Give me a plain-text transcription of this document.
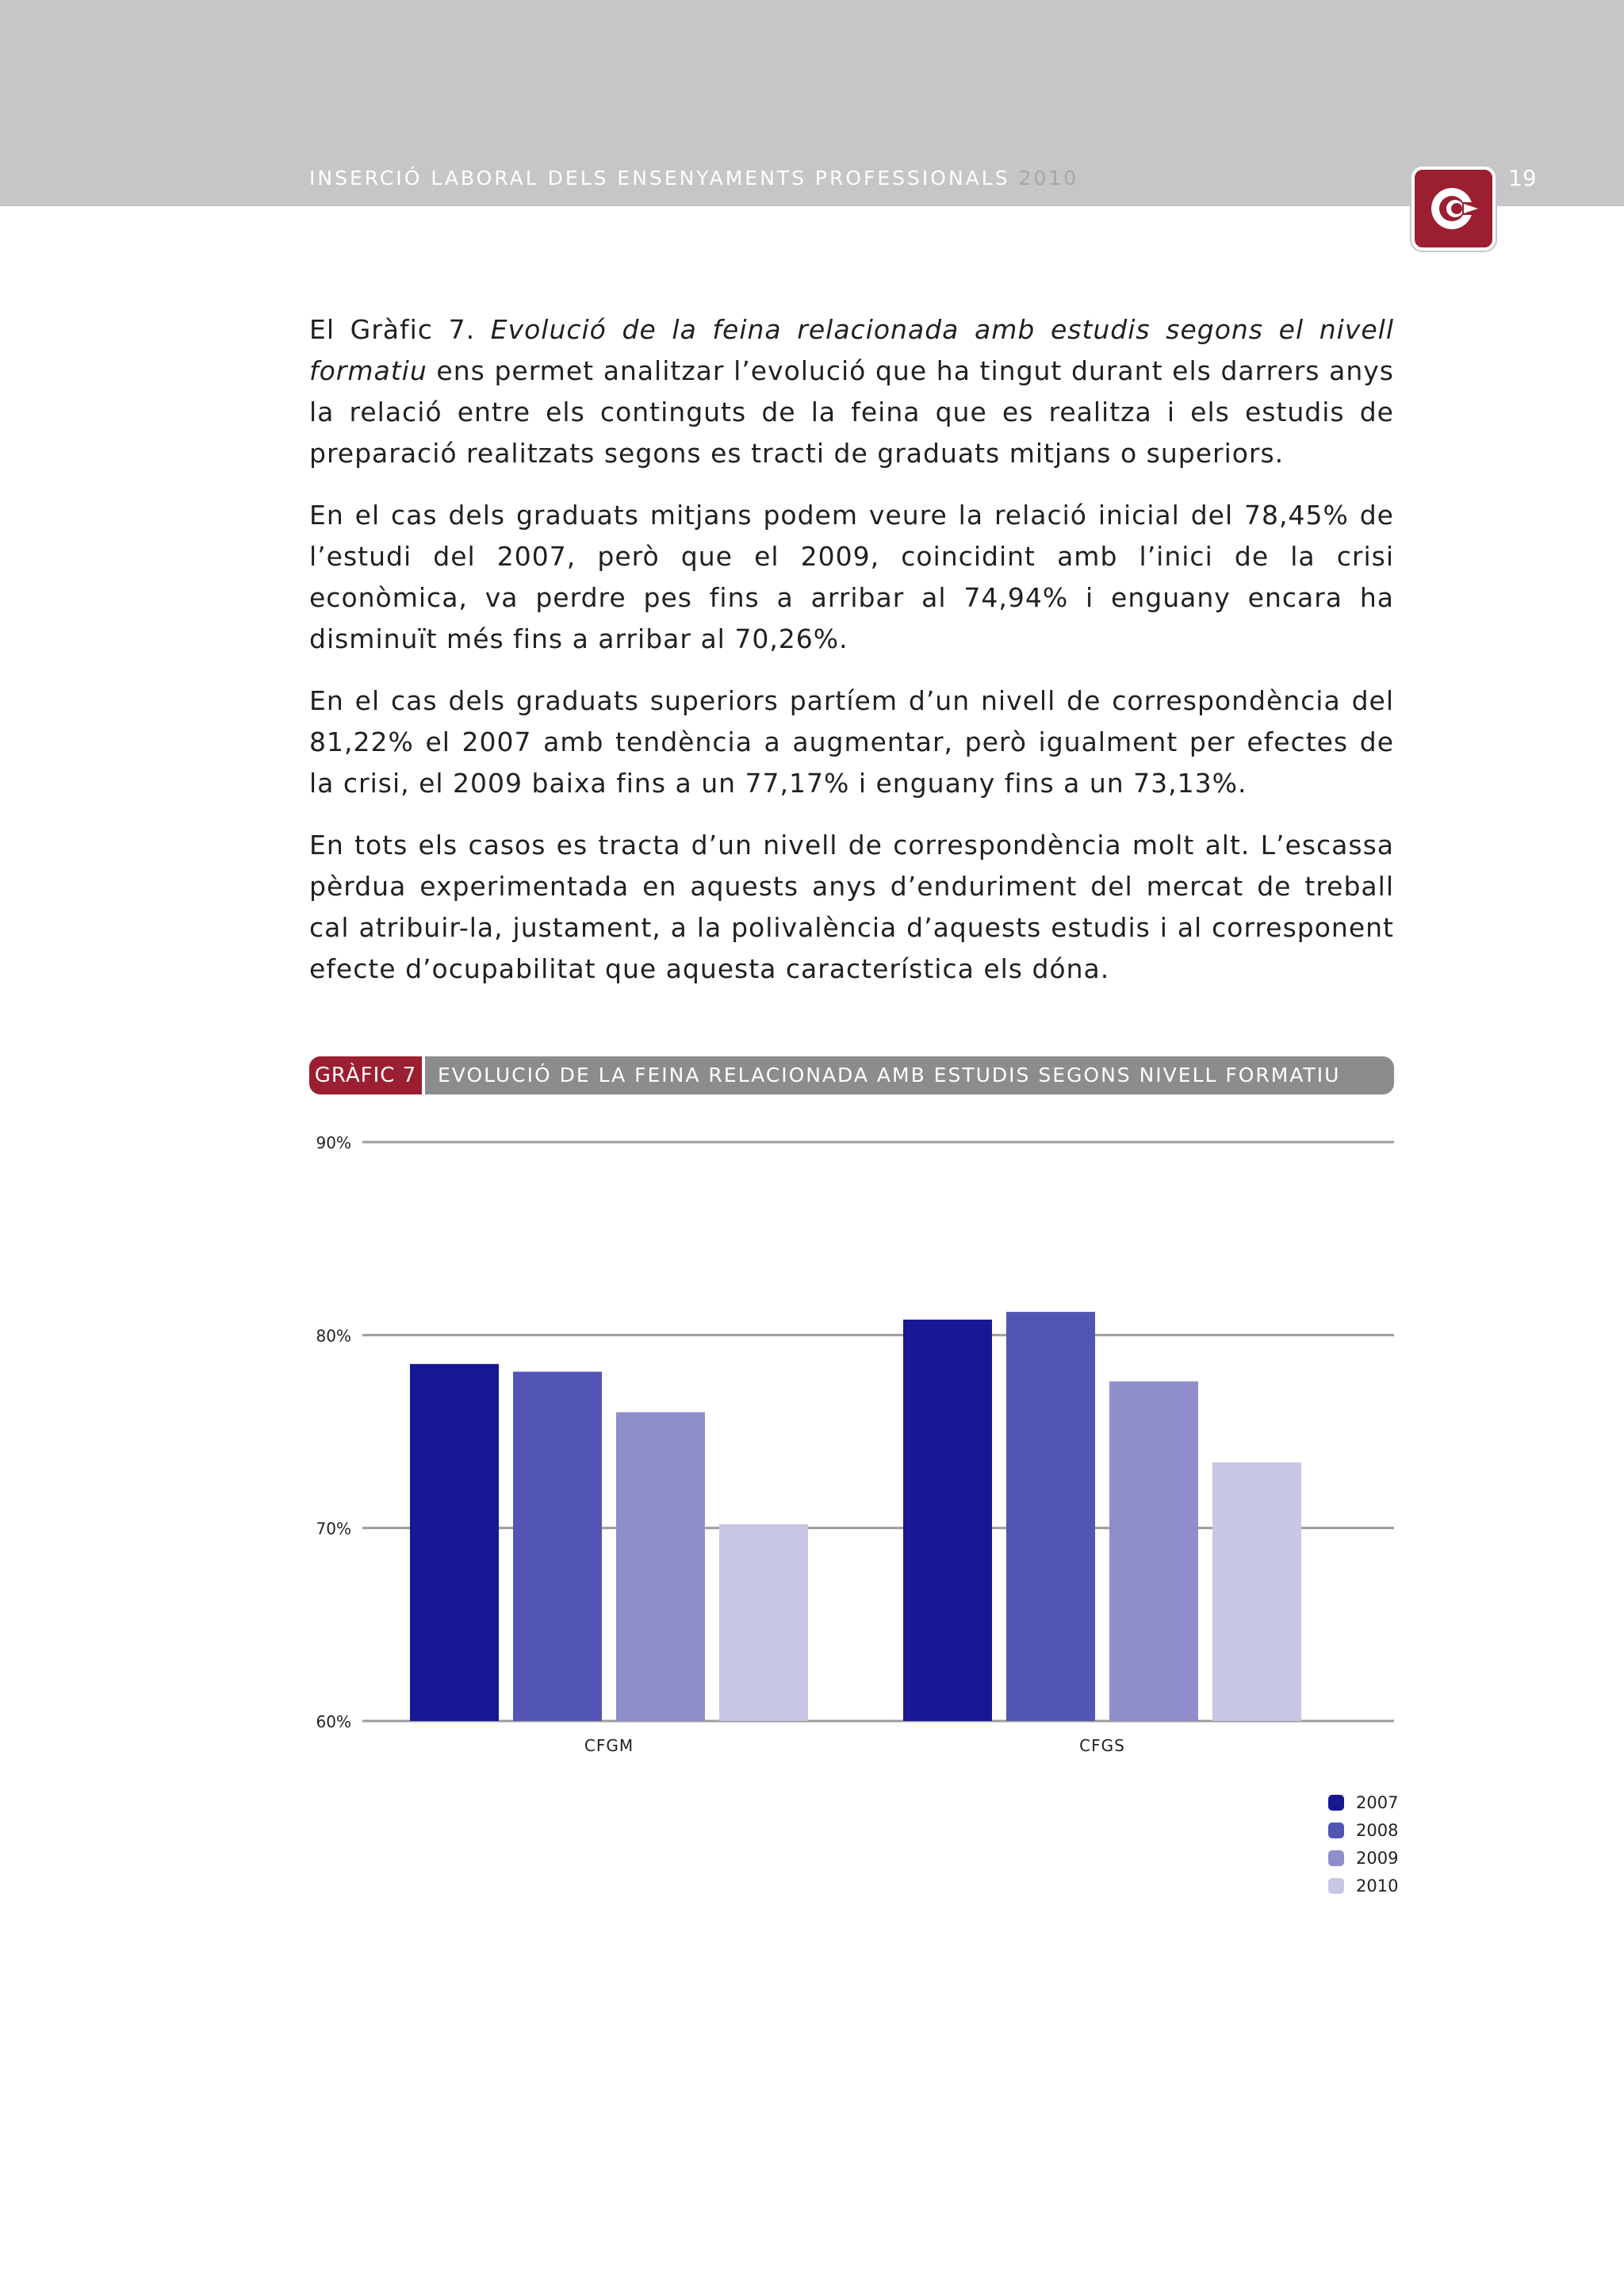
INSERCIÓ LABORAL DELS ENSENYAMENTS PROFESSIONALS 2010	19

El Gràfic 7. Evolució de la feina relacionada amb estudis segons el nivell formatiu ens permet analitzar l’evolució que ha tingut durant els darrers anys la relació entre els continguts de la feina que es realitza i els estudis de preparació realitzats segons es tracti de graduats mitjans o superiors.

En el cas dels graduats mitjans podem veure la relació inicial del 78,45% de l’estudi del 2007, però que el 2009, coincidint amb l’inici de la crisi econòmica, va perdre pes fins a arribar al 74,94% i enguany encara ha disminuït més fins a arribar al 70,26%.

En el cas dels graduats superiors partíem d’un nivell de correspondència del 81,22% el 2007 amb tendència a augmentar, però igualment per efectes de la crisi, el 2009 baixa fins a un 77,17% i enguany fins a un 73,13%.

En tots els casos es tracta d’un nivell de correspondència molt alt. L’escassa pèrdua experimentada en aquests anys d’enduriment del mercat de treball cal atribuir-la, justament, a la polivalència d’aquests estudis i al corresponent efecte d’ocupabilitat que aquesta característica els dóna.

GRÀFIC 7 EVOLUCIÓ DE LA FEINA RELACIONADA AMB ESTUDIS SEGONS NIVELL FORMATIU
60%
70%
80%
90%
CFGM	CFGS
2007
2008
2009
2010
